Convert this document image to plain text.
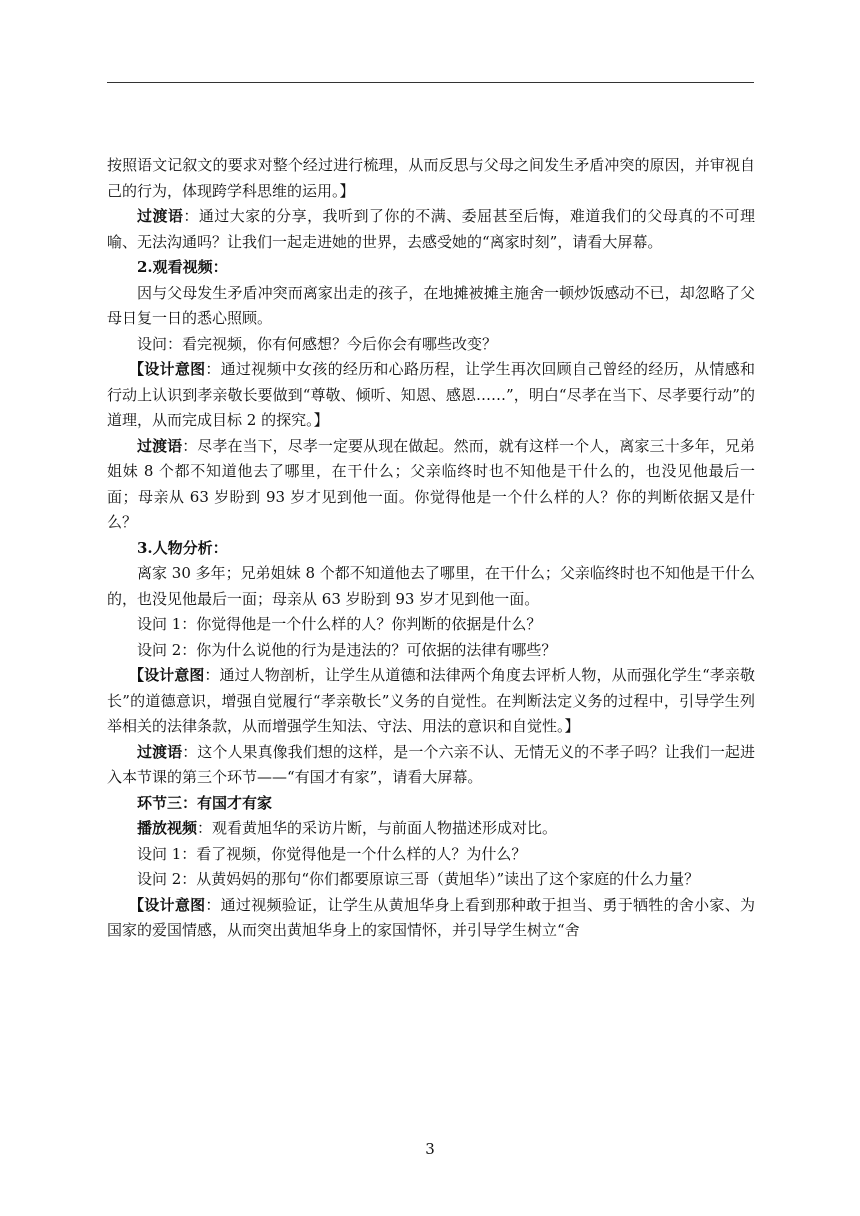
按照语文记叙文的要求对整个经过进行梳理，从而反思与父母之间发生矛盾冲突的原因，并审视自己的行为，体现跨学科思维的运用。】

过渡语：通过大家的分享，我听到了你的不满、委屈甚至后悔，难道我们的父母真的不可理喻、无法沟通吗？让我们一起走进她的世界，去感受她的“离家时刻”，请看大屏幕。

2.观看视频：

因与父母发生矛盾冲突而离家出走的孩子，在地摊被摊主施舍一顿炒饭感动不已，却忽略了父母日复一日的悉心照顾。

设问：看完视频，你有何感想？今后你会有哪些改变？

【设计意图：通过视频中女孩的经历和心路历程，让学生再次回顾自己曾经的经历，从情感和行动上认识到孝亲敬长要做到“尊敬、倾听、知恩、感恩……”，明白“尽孝在当下、尽孝要行动”的道理，从而完成目标 2 的探究。】

过渡语：尽孝在当下，尽孝一定要从现在做起。然而，就有这样一个人，离家三十多年，兄弟姐妹 8 个都不知道他去了哪里，在干什么；父亲临终时也不知他是干什么的，也没见他最后一面；母亲从 63 岁盼到 93 岁才见到他一面。你觉得他是一个什么样的人？你的判断依据又是什么？

3.人物分析：

离家 30 多年；兄弟姐妹 8 个都不知道他去了哪里，在干什么；父亲临终时也不知他是干什么的，也没见他最后一面；母亲从 63 岁盼到 93 岁才见到他一面。

设问 1：你觉得他是一个什么样的人？你判断的依据是什么？

设问 2：你为什么说他的行为是违法的？可依据的法律有哪些？

【设计意图：通过人物剖析，让学生从道德和法律两个角度去评析人物，从而强化学生“孝亲敬长”的道德意识，增强自觉履行“孝亲敬长”义务的自觉性。在判断法定义务的过程中，引导学生列举相关的法律条款，从而增强学生知法、守法、用法的意识和自觉性。】

过渡语：这个人果真像我们想的这样，是一个六亲不认、无情无义的不孝子吗？让我们一起进入本节课的第三个环节——“有国才有家”，请看大屏幕。

环节三：有国才有家

播放视频：观看黄旭华的采访片断，与前面人物描述形成对比。

设问 1：看了视频，你觉得他是一个什么样的人？为什么？

设问 2：从黄妈妈的那句“你们都要原谅三哥（黄旭华）”读出了这个家庭的什么力量？

【设计意图：通过视频验证，让学生从黄旭华身上看到那种敢于担当、勇于牺牲的舍小家、为国家的爱国情感，从而突出黄旭华身上的家国情怀，并引导学生树立“舍

3
